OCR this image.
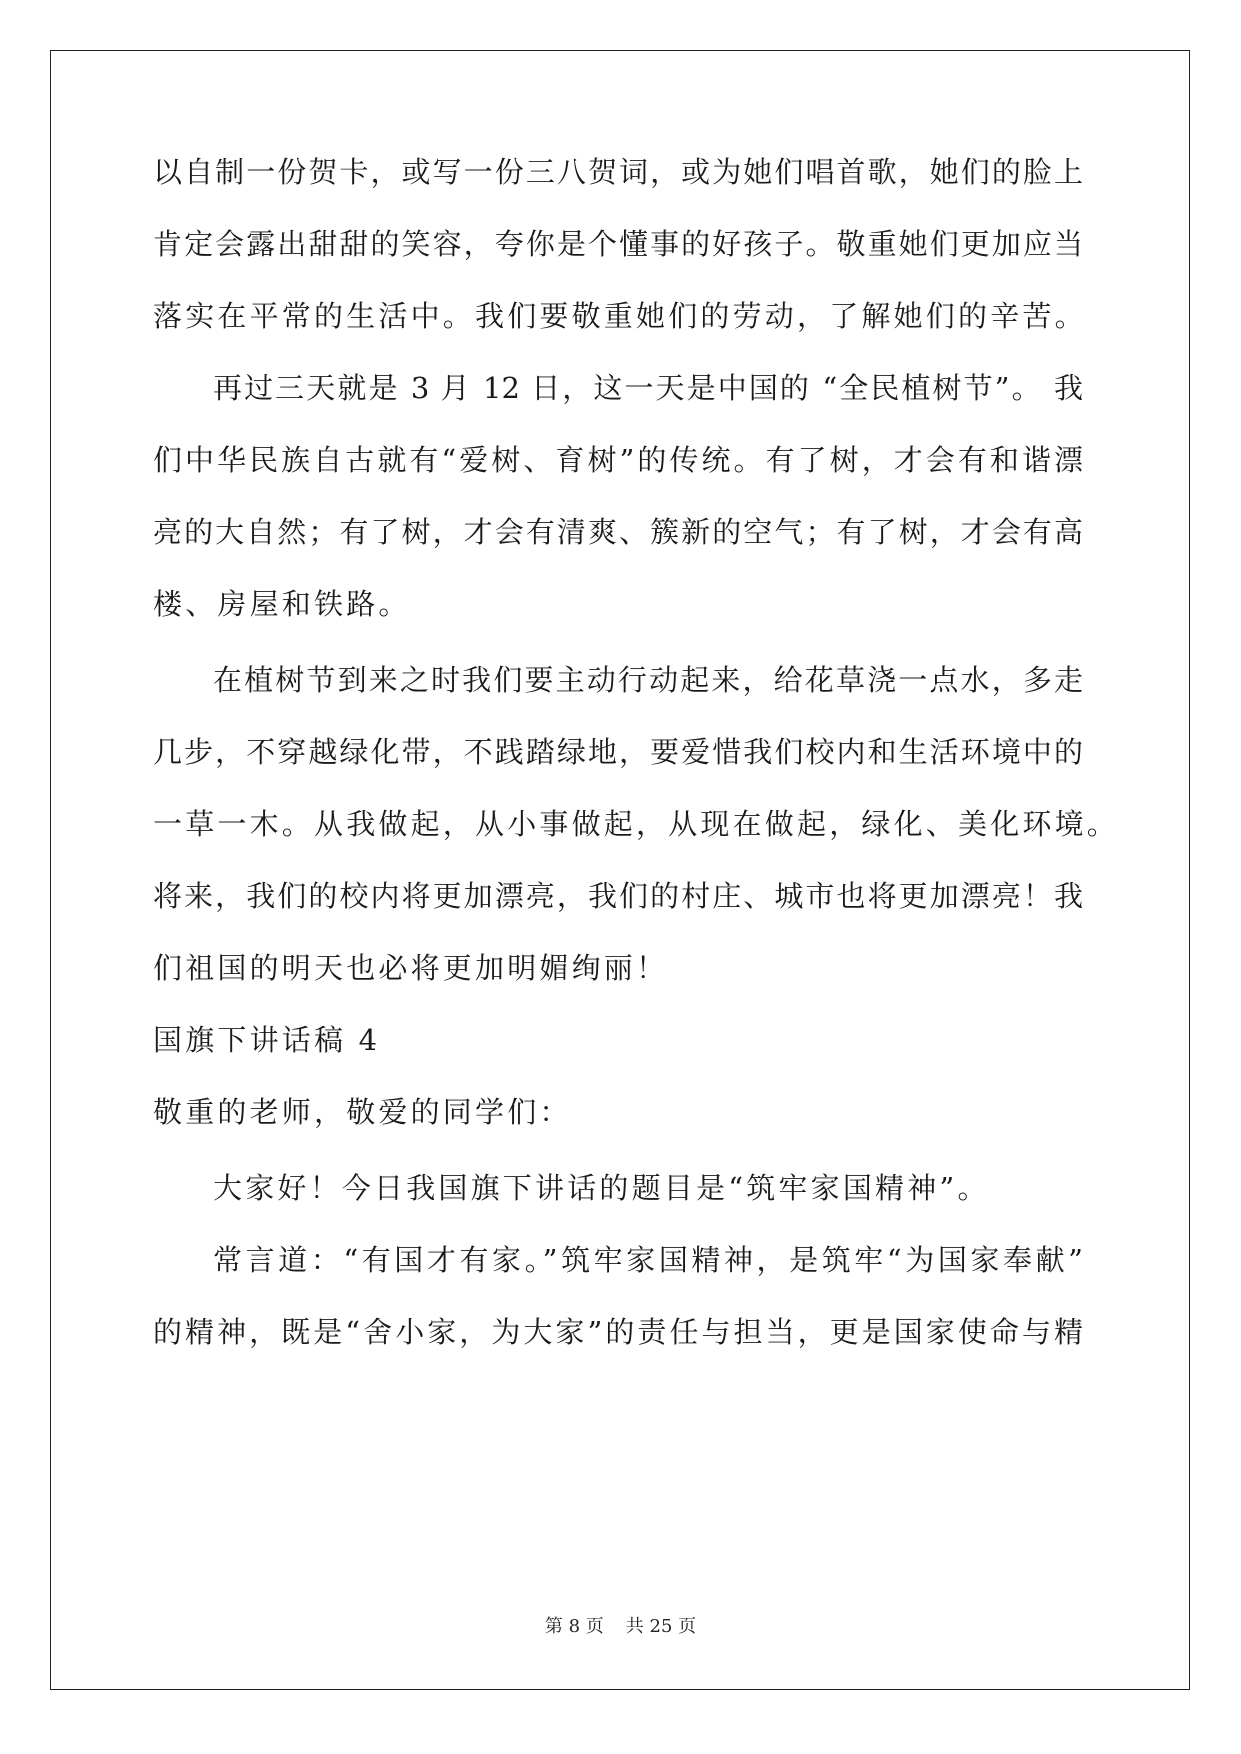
以自制一份贺卡，或写一份三八贺词，或为她们唱首歌，她们的脸上
肯定会露出甜甜的笑容，夸你是个懂事的好孩子。敬重她们更加应当
落实在平常的生活中。我们要敬重她们的劳动，了解她们的辛苦。
再过三天就是 3 月 12 日，这一天是中国的 “全民植树节”。 我
们中华民族自古就有“爱树、育树”的传统。有了树，才会有和谐漂
亮的大自然；有了树，才会有清爽、簇新的空气；有了树，才会有高
楼、房屋和铁路。
在植树节到来之时我们要主动行动起来，给花草浇一点水，多走
几步，不穿越绿化带，不践踏绿地，要爱惜我们校内和生活环境中的
一草一木。从我做起，从小事做起，从现在做起，绿化、美化环境。
将来，我们的校内将更加漂亮，我们的村庄、城市也将更加漂亮！我
们祖国的明天也必将更加明媚绚丽！
国旗下讲话稿 4
敬重的老师，敬爱的同学们：
大家好！今日我国旗下讲话的题目是“筑牢家国精神”。
常言道：“有国才有家。”筑牢家国精神，是筑牢“为国家奉献”
的精神，既是“舍小家，为大家”的责任与担当，更是国家使命与精
第 8 页 共 25 页
